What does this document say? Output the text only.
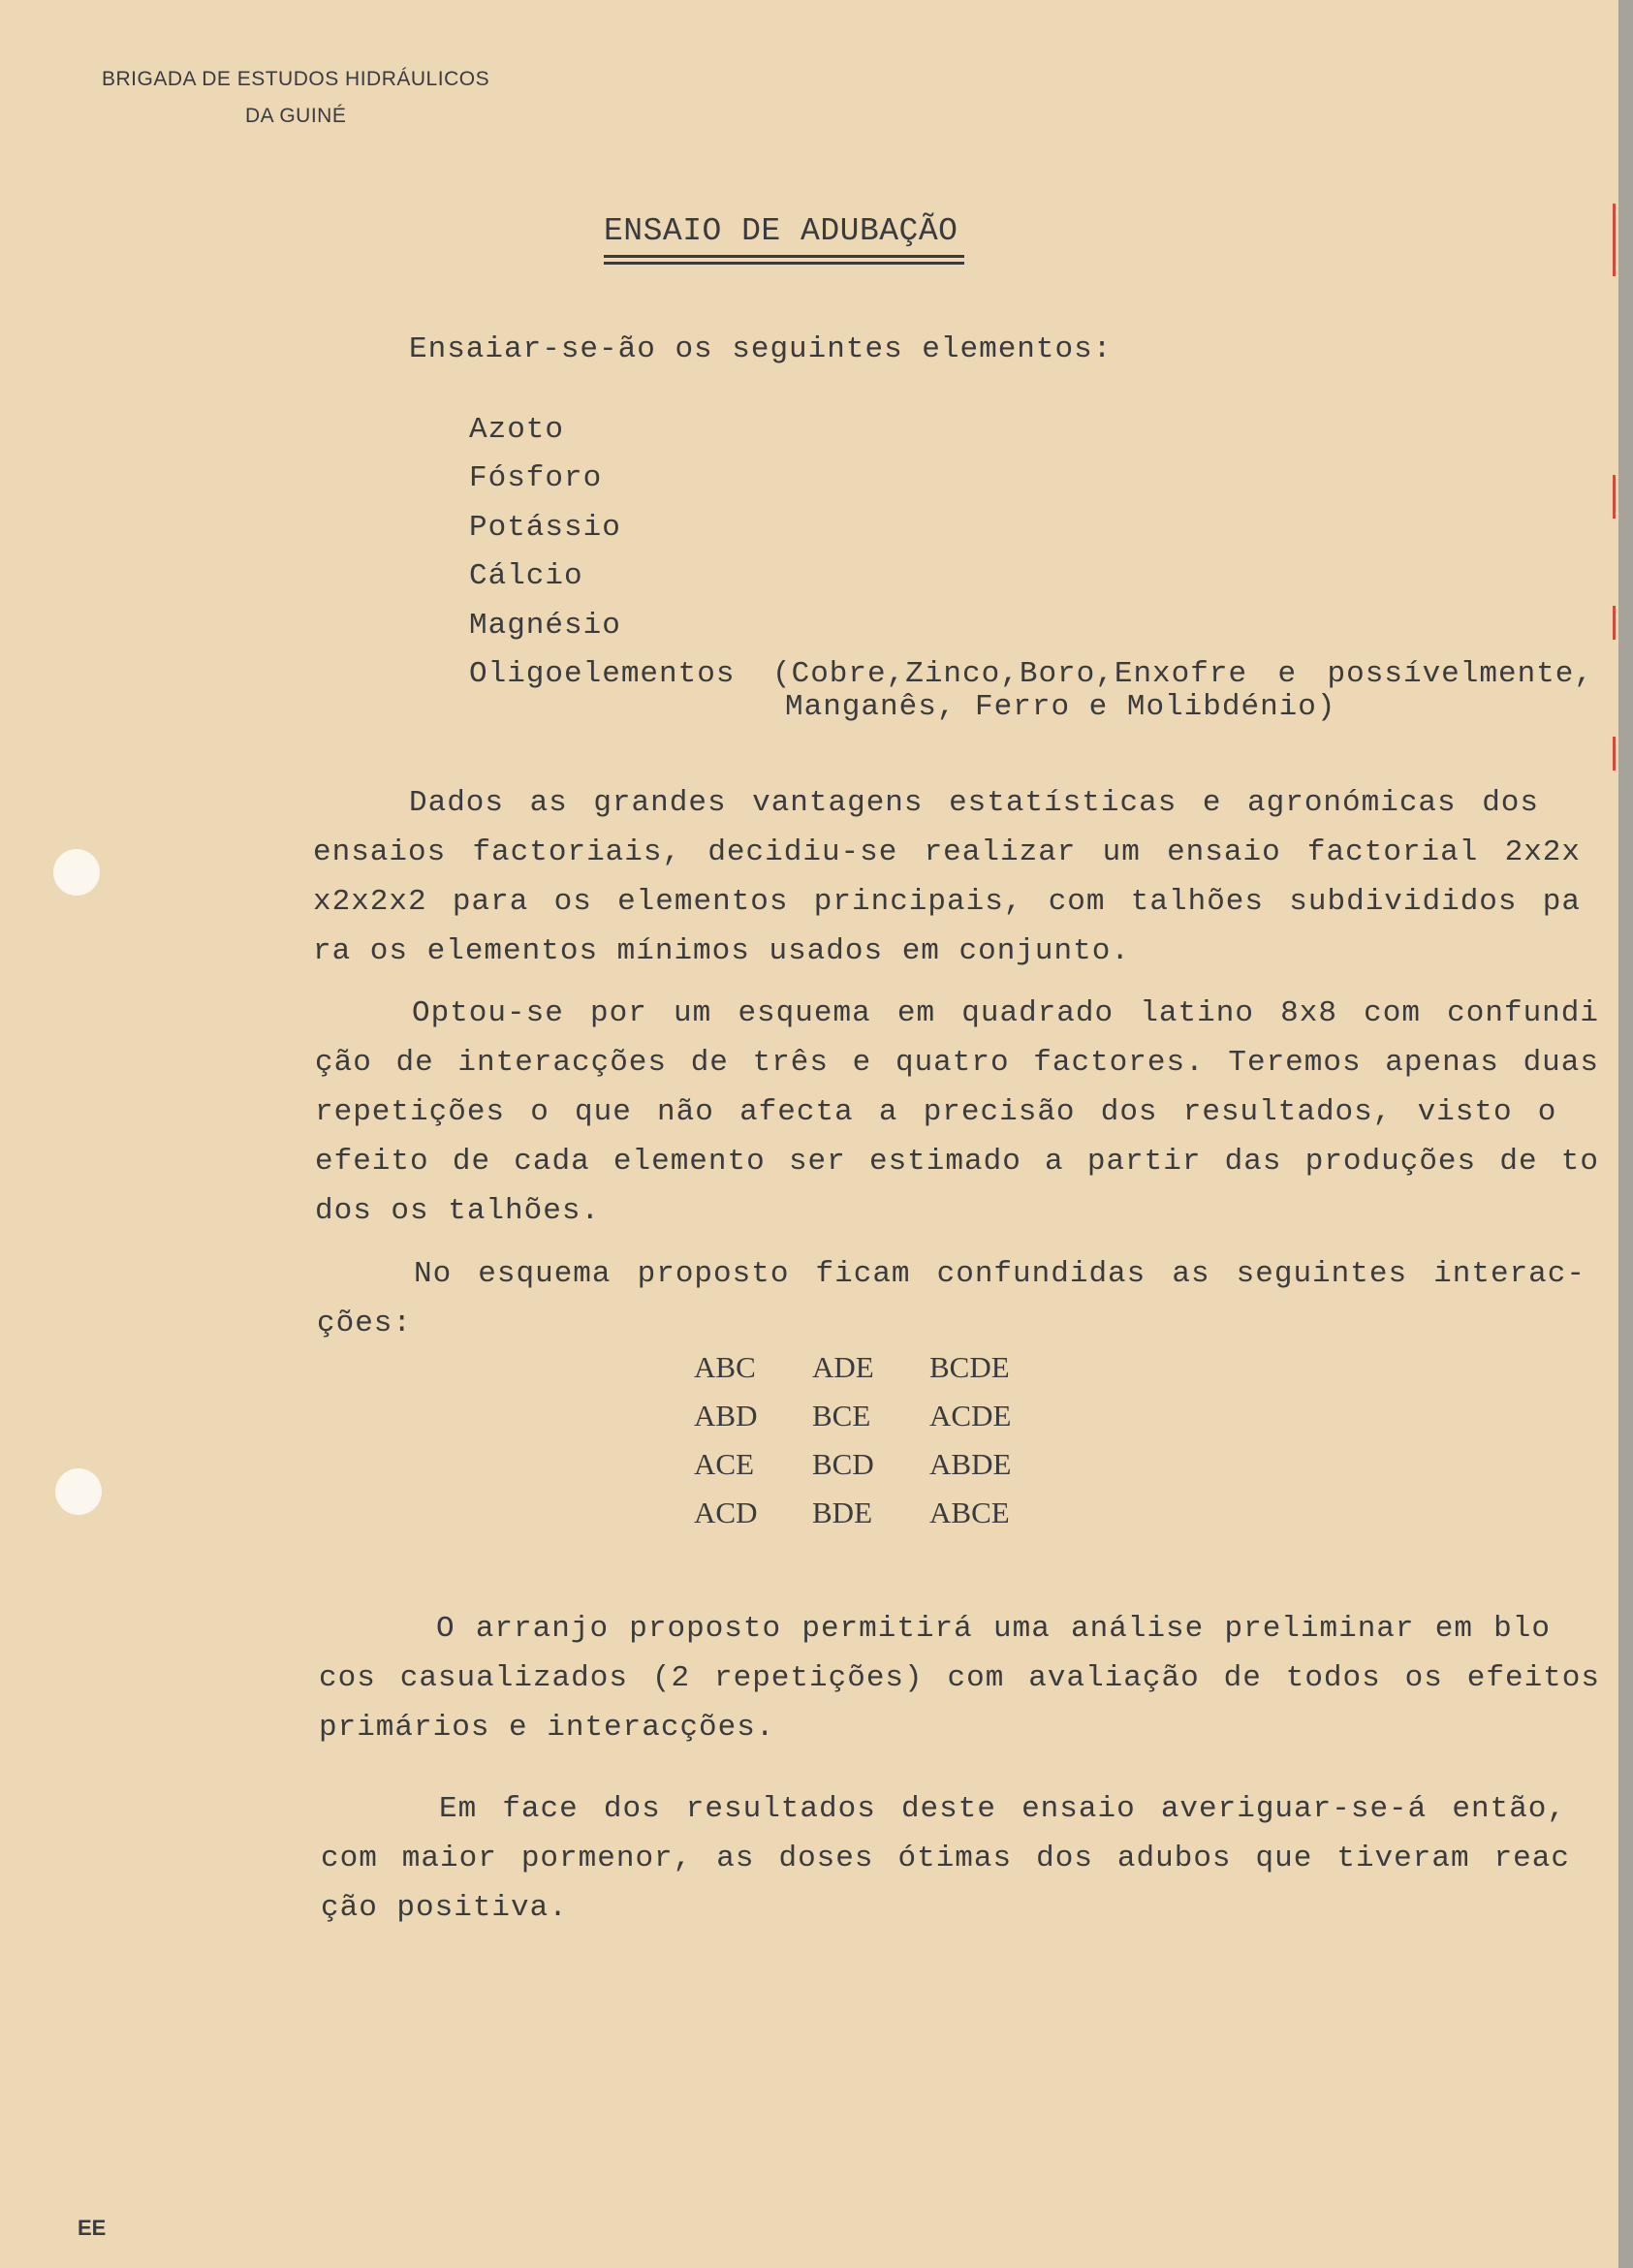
BRIGADA DE ESTUDOS HIDRÁULICOS
DA GUINÉ
ENSAIO DE ADUBAÇÃO
Ensaiar-se-ão os seguintes elementos:
Azoto
Fósforo
Potássio
Cálcio
Magnésio
Oligoelementos (Cobre,Zinco,Boro,Enxofre e possívelmente,
Manganês, Ferro e Molibdénio)
Dados as grandes vantagens estatísticas e agronómicas dos
ensaios factoriais, decidiu-se realizar um ensaio factorial 2x2x
x2x2x2 para os elementos principais, com talhões subdivididos pa
ra os elementos mínimos usados em conjunto.
Optou-se por um esquema em quadrado latino 8x8 com confundi
ção de interacções de três e quatro factores. Teremos apenas duas
repetições o que não afecta a precisão dos resultados, visto o
efeito de cada elemento ser estimado a partir das produções de to
dos os talhões.
No esquema proposto ficam confundidas as seguintes interac-
ções:
ABC ADE BCDE
ABD BCE ACDE
ACE BCD ABDE
ACD BDE ABCE
O arranjo proposto permitirá uma análise preliminar em blo
cos casualizados (2 repetições) com avaliação de todos os efeitos
primários e interacções.
Em face dos resultados deste ensaio averiguar-se-á então,
com maior pormenor, as doses ótimas dos adubos que tiveram reac
ção positiva.
EE
